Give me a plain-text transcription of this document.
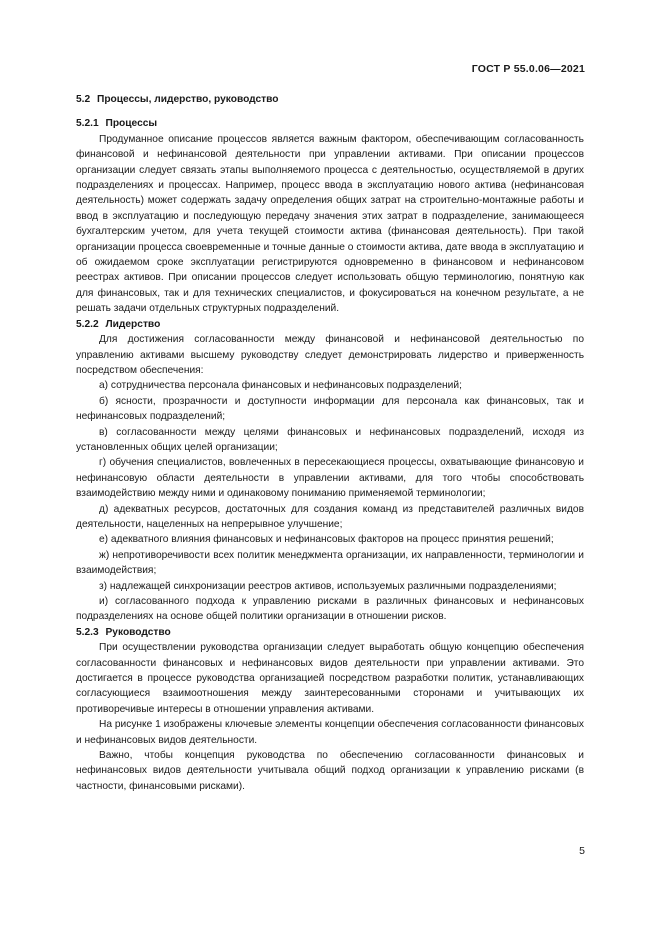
ГОСТ Р 55.0.06—2021
5.2 Процессы, лидерство, руководство
5.2.1 Процессы

Продуманное описание процессов является важным фактором, обеспечивающим согласованность финансовой и нефинансовой деятельности при управлении активами. При описании процессов организации следует связать этапы выполняемого процесса с деятельностью, осуществляемой в других подразделениях и процессах. Например, процесс ввода в эксплуатацию нового актива (нефинансовая деятельность) может содержать задачу определения общих затрат на строительно-монтажные работы и ввод в эксплуатацию и последующую передачу значения этих затрат в подразделение, занимающееся бухгалтерским учетом, для учета текущей стоимости актива (финансовая деятельность). При такой организации процесса своевременные и точные данные о стоимости актива, дате ввода в эксплуатацию и об ожидаемом сроке эксплуатации регистрируются одновременно в финансовом и нефинансовом реестрах активов. При описании процессов следует использовать общую терминологию, понятную как для финансовых, так и для технических специалистов, и фокусироваться на конечном результате, а не решать задачи отдельных структурных подразделений.

5.2.2 Лидерство

Для достижения согласованности между финансовой и нефинансовой деятельностью по управлению активами высшему руководству следует демонстрировать лидерство и приверженность посредством обеспечения:

а) сотрудничества персонала финансовых и нефинансовых подразделений;

б) ясности, прозрачности и доступности информации для персонала как финансовых, так и нефинансовых подразделений;

в) согласованности между целями финансовых и нефинансовых подразделений, исходя из установленных общих целей организации;

г) обучения специалистов, вовлеченных в пересекающиеся процессы, охватывающие финансовую и нефинансовую области деятельности в управлении активами, для того чтобы способствовать взаимодействию между ними и одинаковому пониманию применяемой терминологии;

д) адекватных ресурсов, достаточных для создания команд из представителей различных видов деятельности, нацеленных на непрерывное улучшение;

е) адекватного влияния финансовых и нефинансовых факторов на процесс принятия решений;

ж) непротиворечивости всех политик менеджмента организации, их направленности, терминологии и взаимодействия;

з) надлежащей синхронизации реестров активов, используемых различными подразделениями;

и) согласованного подхода к управлению рисками в различных финансовых и нефинансовых подразделениях на основе общей политики организации в отношении рисков.

5.2.3 Руководство

При осуществлении руководства организации следует выработать общую концепцию обеспечения согласованности финансовых и нефинансовых видов деятельности при управлении активами. Это достигается в процессе руководства организацией посредством разработки политик, устанавливающих согласующиеся взаимоотношения между заинтересованными сторонами и учитывающих их противоречивые интересы в отношении управления активами.

На рисунке 1 изображены ключевые элементы концепции обеспечения согласованности финансовых и нефинансовых видов деятельности.

Важно, чтобы концепция руководства по обеспечению согласованности финансовых и нефинансовых видов деятельности учитывала общий подход организации к управлению рисками (в частности, финансовыми рисками).

5
